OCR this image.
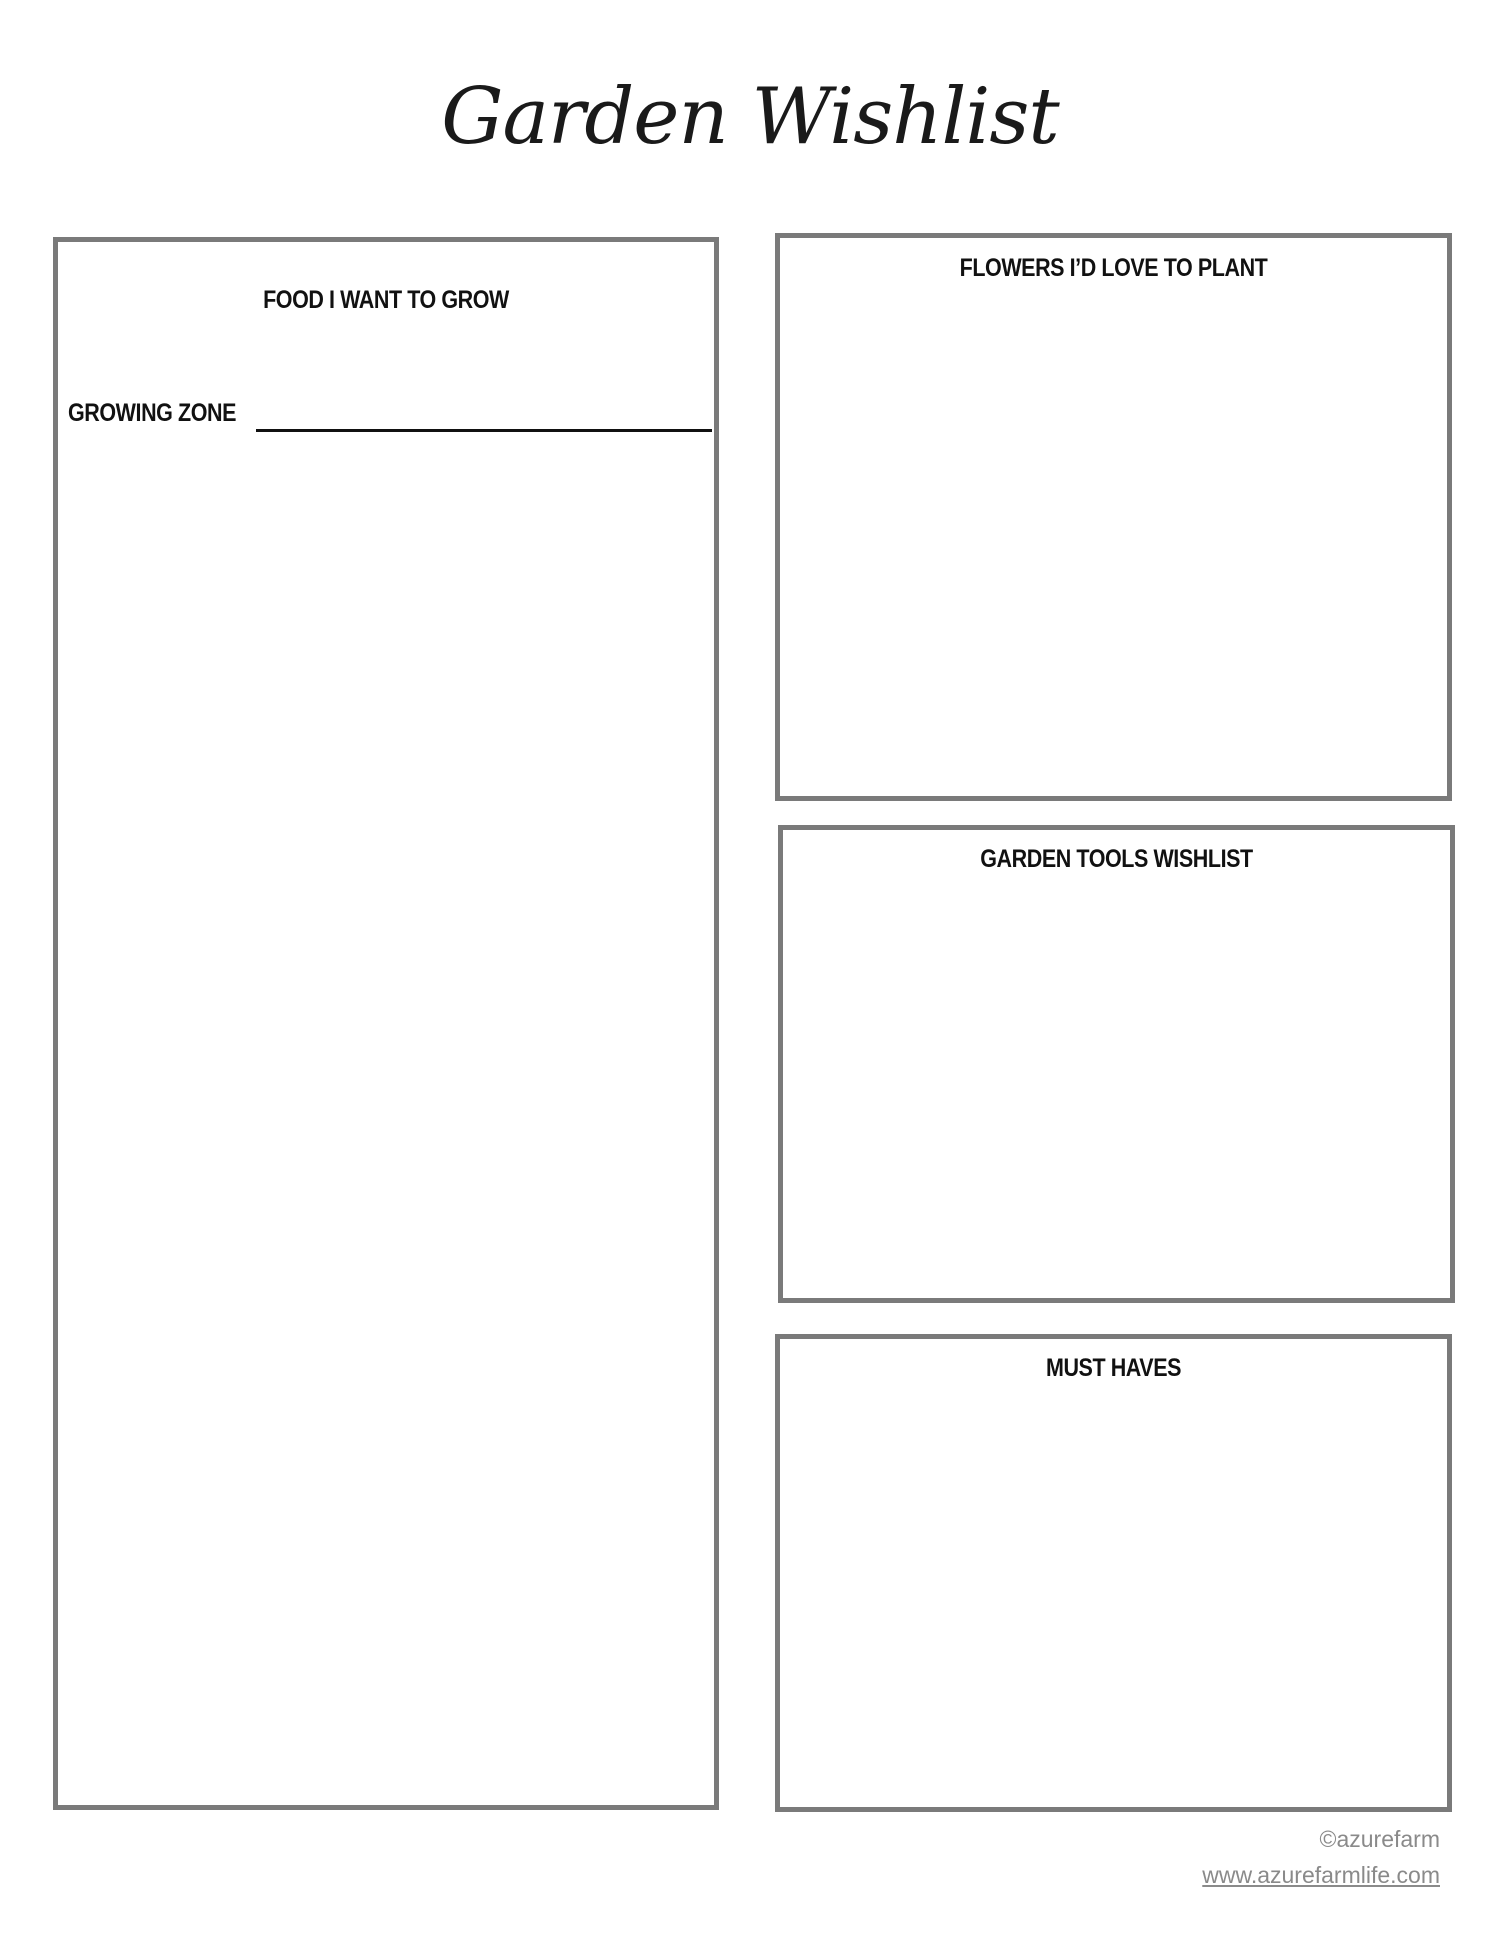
Garden Wishlist
FOOD I WANT TO GROW
GROWING ZONE
FLOWERS I’D LOVE TO PLANT
GARDEN TOOLS WISHLIST
MUST HAVES
©azurefarm
www.azurefarmlife.com
